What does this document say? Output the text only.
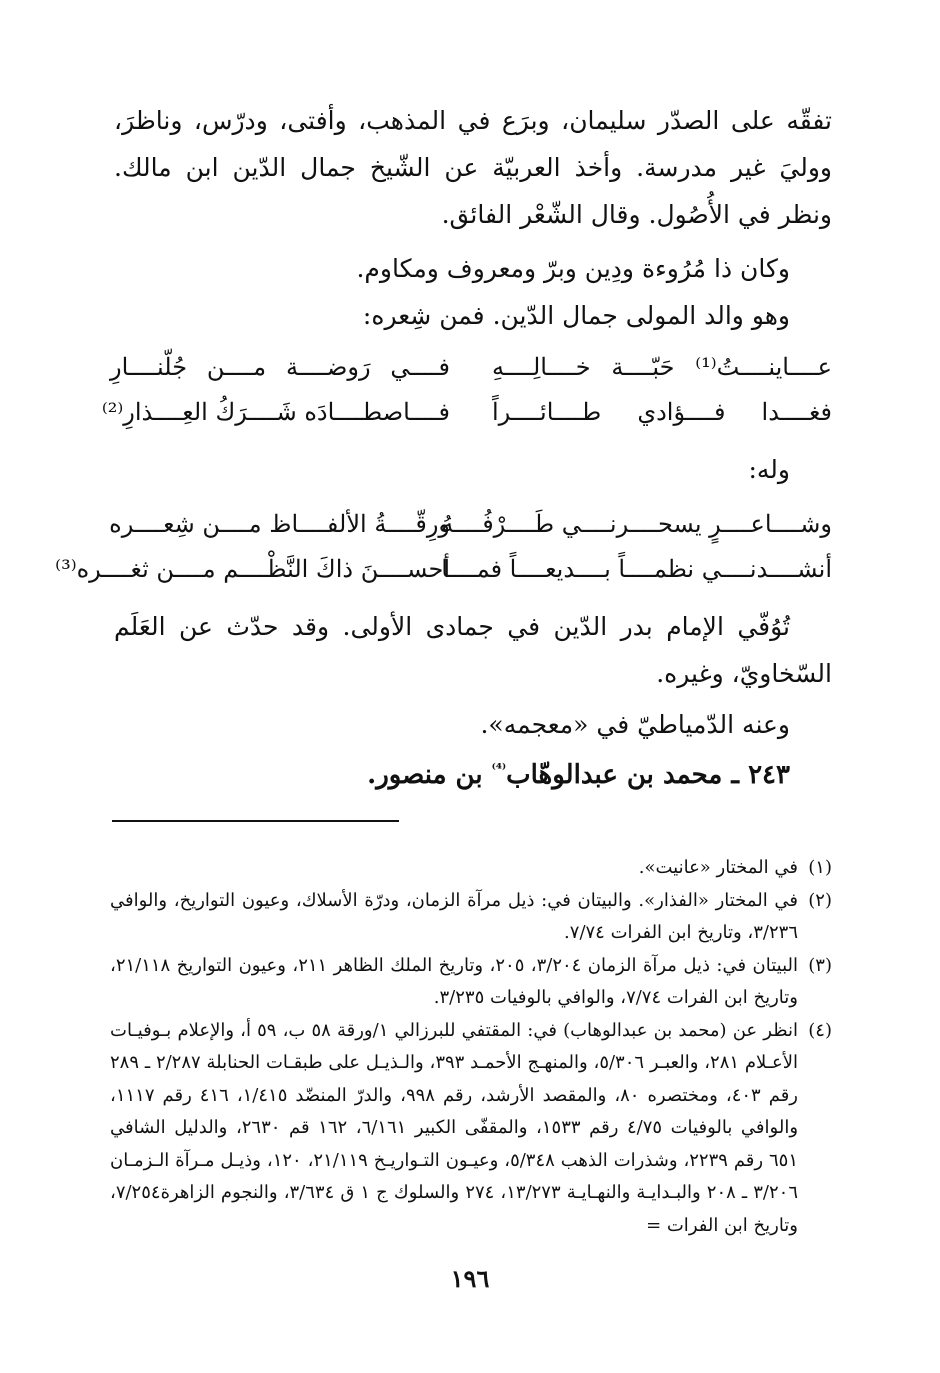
تفقّه على الصدّر سليمان، وبرَع في المذهب، وأفتى، ودرّس، وناظرَ، ووليَ غير مدرسة. وأخذ العربيّة عن الشّيخ جمال الدّين ابن مالك. ونظر في الأُصُول. وقال الشّعْر الفائق.

وكان ذا مُرُوءة ودِين وبرّ ومعروف ومكاوم.

وهو والد المولى جمال الدّين. فمن شِعره:

عــــاينــــتُ⁽¹⁾ حَبّــــة خــــالِــــهِ
فــــي رَوضــــة مــــن جُلّنــــارِ
فغــــدا فــــؤادي طــــائــــراً
فــــاصطــــادَه شَــــرَكُ العِــــذارِ⁽²⁾

وله:

وشــــاعــــرٍ يسحــــرنــــي طَــــرْفُــــهُ
ورِقّــــةُ الألفــــاظ مــــن شِعــــره
أنشــــدنــــي نظمــــاً بــــديعــــاً فمــــا
أحســــنَ ذاكَ النَّظْــــم مــــن ثغــــره⁽³⁾

تُوُفّي الإمام بدر الدّين في جمادى الأولى. وقد حدّث عن العَلَم السّخاويّ، وغيره.

وعنه الدّمياطيّ في «معجمه».

٢٤٣ ـ محمد بن عبدالوهّاب$^{^{(4)}}$ بن منصور.

(١)
في المختار «عانيت».
(٢)
في المختار «الفذار». والبيتان في: ذيل مرآة الزمان، ودرّة الأسلاك، وعيون التواريخ، والوافي ٣/٢٣٦، وتاريخ ابن الفرات ٧/٧٤.
(٣)
البيتان في: ذيل مرآة الزمان ٣/٢٠٤، ٢٠٥، وتاريخ الملك الظاهر ٢١١، وعيون التواريخ ٢١/١١٨، وتاريخ ابن الفرات ٧/٧٤، والوافي بالوفيات ٣/٢٣٥.
(٤)
انظر عن (محمد بن عبدالوهاب) في: المقتفي للبرزالي ١/ورقة ٥٨ ب، ٥٩ أ، والإعلام بـوفيـات الأعـلام ٢٨١، والعبـر ٥/٣٠٦، والمنهـج الأحمـد ٣٩٣، والـذيـل على طبقـات الحنابلة ٢/٢٨٧ ـ ٢٨٩ رقم ٤٠٣، ومختصره ٨٠، والمقصد الأرشد، رقم ٩٩٨، والدرّ المنضّد ١/٤١٥، ٤١٦ رقم ١١١٧، والوافي بالوفيات ٤/٧٥ رقم ١٥٣٣، والمقفّى الكبير ٦/١٦١، ١٦٢ قم ٢٦٣٠، والدليل الشافي ٦٥١ رقم ٢٢٣٩، وشذرات الذهب ٥/٣٤٨، وعيـون التـواريـخ ٢١/١١٩، ١٢٠، وذيـل مـرآة الـزمـان ٣/٢٠٦ ـ ٢٠٨ والبـدايـة والنهـايـة ١٣/٢٧٣، ٢٧٤ والسلوك ج ١ ق ٣/٦٣٤، والنجوم الزاهرة٧/٢٥٤، وتاريخ ابن الفرات =
١٩٦
